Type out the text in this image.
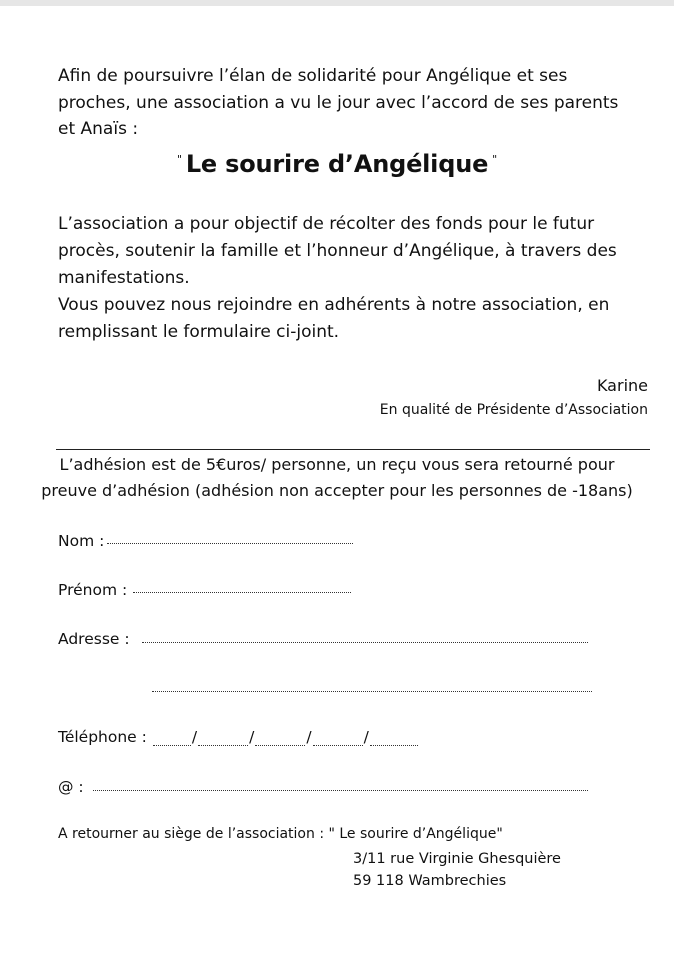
Afin de poursuivre l’élan de solidarité pour Angélique et ses
proches, une association a vu le jour avec l’accord de ses parents
et Anaïs :
" Le sourire d’Angélique "
L’association a pour objectif de récolter des fonds pour le futur
procès, soutenir la famille et l’honneur d’Angélique, à travers des
manifestations.
Vous pouvez nous rejoindre en adhérents à notre association, en
remplissant le formulaire ci-joint.
Karine
En qualité de Présidente d’Association
L’adhésion est de 5€uros/ personne, un reçu vous sera retourné pour
preuve d’adhésion (adhésion non accepter pour les personnes de -18ans)
Nom :
Prénom :
Adresse :
Téléphone :	/	/	/	/
@ :
A retourner au siège de l’association : " Le sourire d’Angélique"
3/11 rue Virginie Ghesquière
59 118 Wambrechies
